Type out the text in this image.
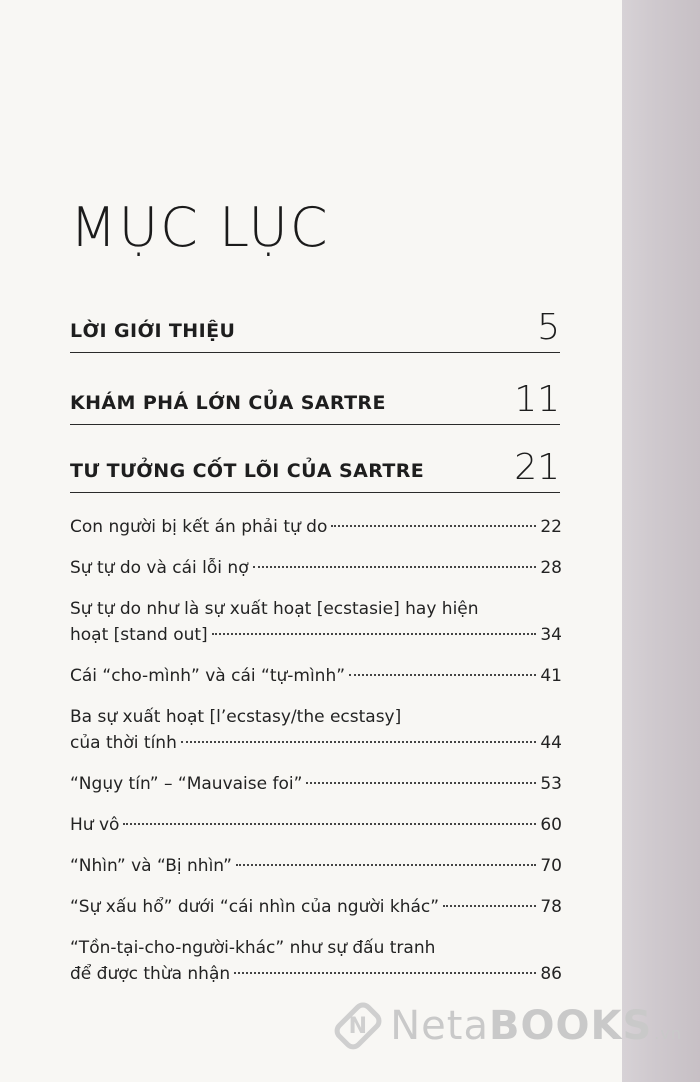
MỤC LỤC
LỜI GIỚI THIỆU	5
KHÁM PHÁ LỚN CỦA SARTRE	11
TƯ TƯỞNG CỐT LÕI CỦA SARTRE	21
Con người bị kết án phải tự do	22
Sự tự do và cái lỗi nợ	28
Sự tự do như là sự xuất hoạt [ecstasie] hay hiện
hoạt [stand out]	34
Cái “cho-mình” và cái “tự-mình”	41
Ba sự xuất hoạt [l’ecstasy/the ecstasy]
của thời tính	44
“Ngụy tín” – “Mauvaise foi”	53
Hư vô	60
“Nhìn” và “Bị nhìn”	70
“Sự xấu hổ” dưới “cái nhìn của người khác”	78
“Tồn-tại-cho-người-khác” như sự đấu tranh
để được thừa nhận	86
N NetaBOOKS .vn
